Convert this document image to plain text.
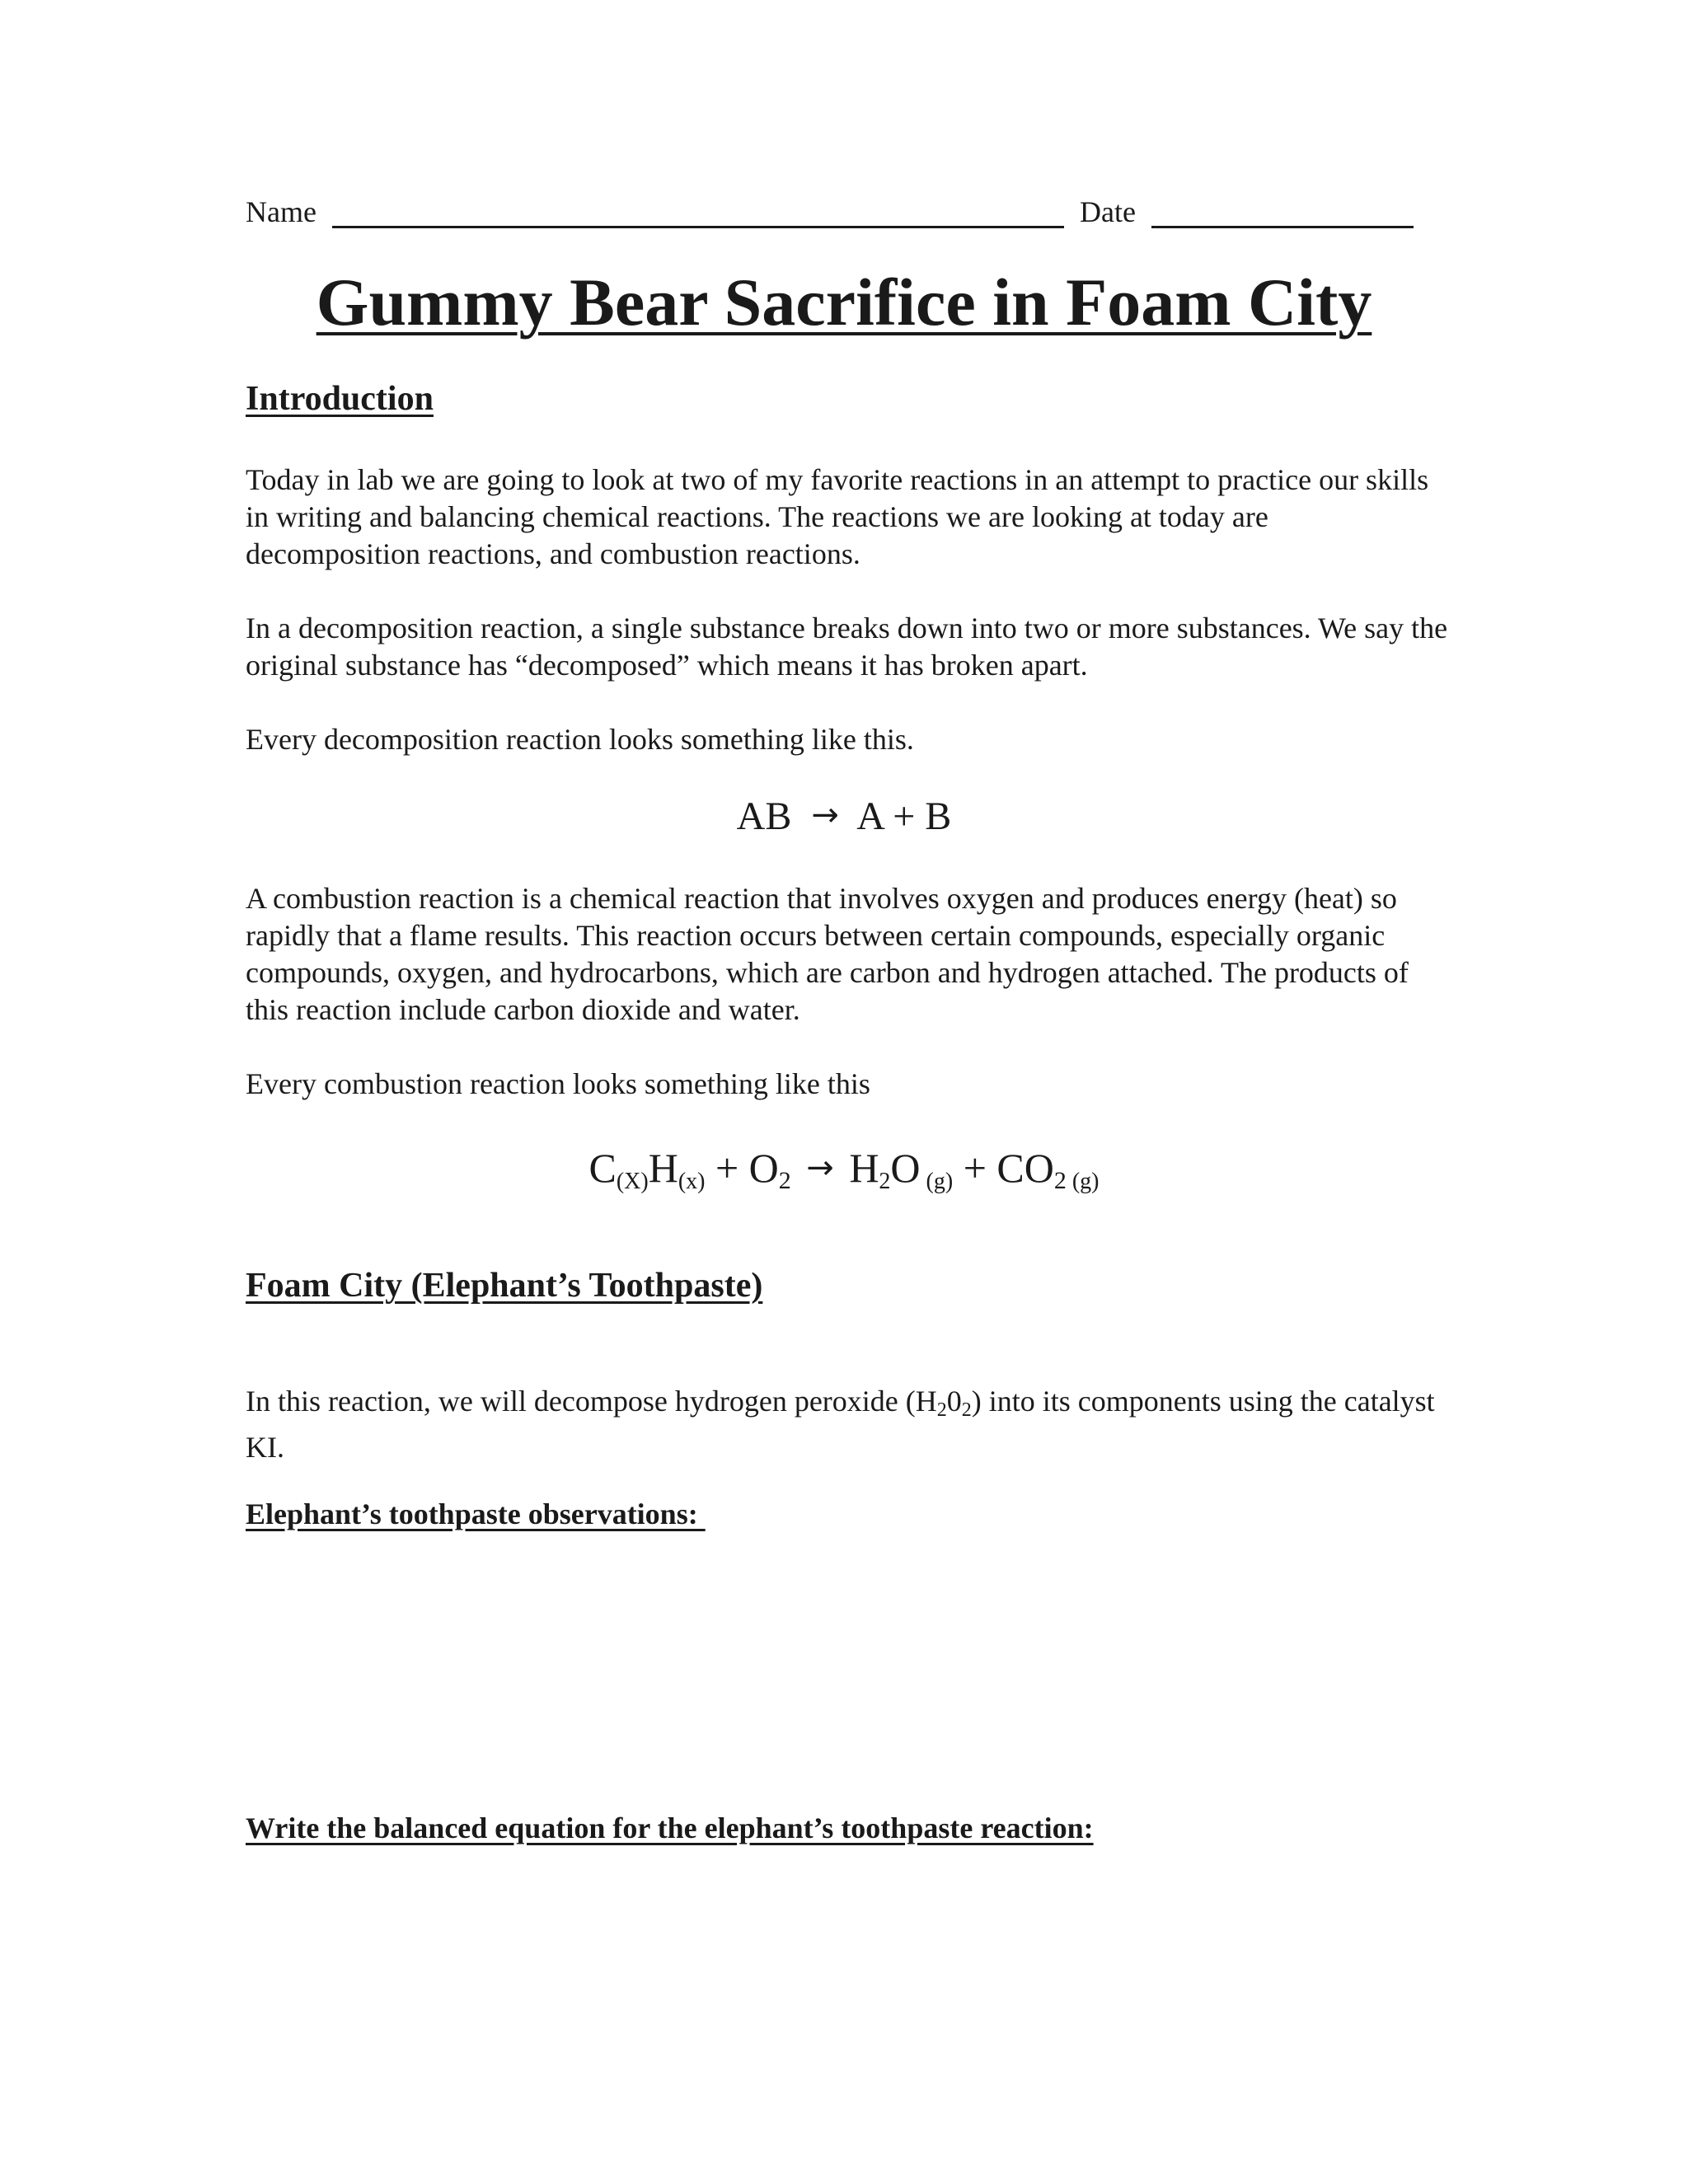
Name	Date
Gummy Bear Sacrifice in Foam City
Introduction

Today in lab we are going to look at two of my favorite reactions in an attempt to practice our skills in writing and balancing chemical reactions. The reactions we are looking at today are decomposition reactions, and combustion reactions.

In a decomposition reaction, a single substance breaks down into two or more substances. We say the original substance has “decomposed” which means it has broken apart.

Every decomposition reaction looks something like this.

AB → A + B

A combustion reaction is a chemical reaction that involves oxygen and produces energy (heat) so rapidly that a flame results. This reaction occurs between certain compounds, especially organic compounds, oxygen, and hydrocarbons, which are carbon and hydrogen attached. The products of this reaction include carbon dioxide and water.

Every combustion reaction looks something like this

C(X)H(x) + O2 → H2O (g) + CO2 (g)
Foam City (Elephant’s Toothpaste)

In this reaction, we will decompose hydrogen peroxide (H202) into its components using the catalyst KI.

Elephant’s toothpaste observations:
Write the balanced equation for the elephant’s toothpaste reaction:
